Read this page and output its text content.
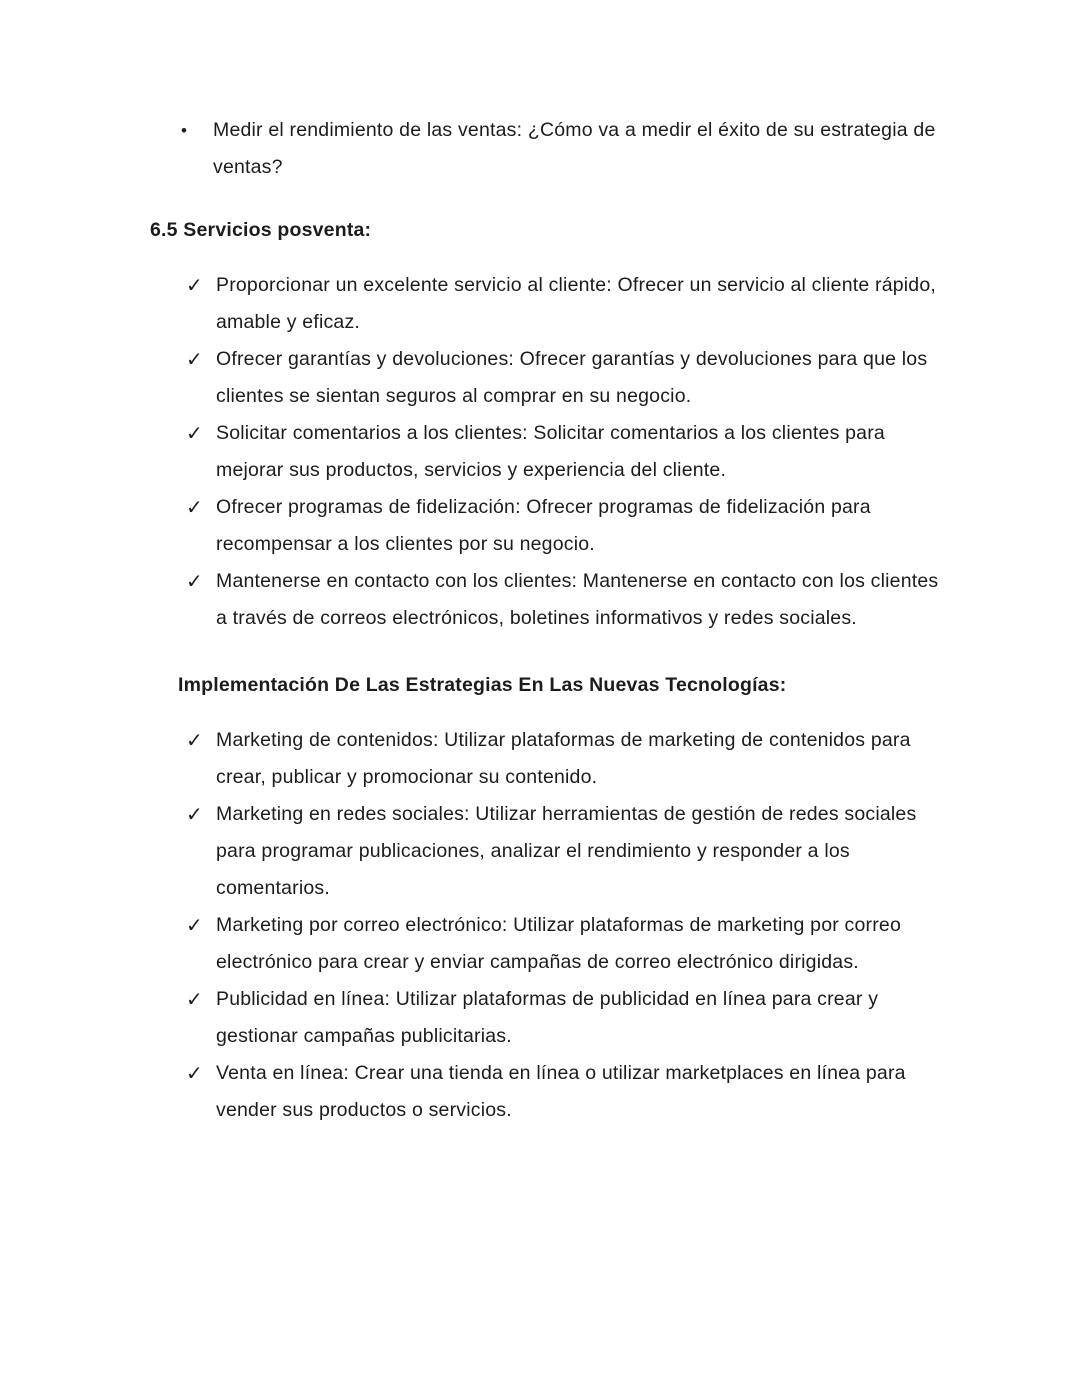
•	Medir el rendimiento de las ventas: ¿Cómo va a medir el éxito de su estrategia de ventas?
6.5 Servicios posventa:
✓ Proporcionar un excelente servicio al cliente: Ofrecer un servicio al cliente rápido, amable y eficaz.
✓ Ofrecer garantías y devoluciones: Ofrecer garantías y devoluciones para que los clientes se sientan seguros al comprar en su negocio.
✓ Solicitar comentarios a los clientes: Solicitar comentarios a los clientes para mejorar sus productos, servicios y experiencia del cliente.
✓ Ofrecer programas de fidelización: Ofrecer programas de fidelización para recompensar a los clientes por su negocio.
✓ Mantenerse en contacto con los clientes: Mantenerse en contacto con los clientes a través de correos electrónicos, boletines informativos y redes sociales.
Implementación De Las Estrategias En Las Nuevas Tecnologías:
✓ Marketing de contenidos: Utilizar plataformas de marketing de contenidos para crear, publicar y promocionar su contenido.
✓ Marketing en redes sociales: Utilizar herramientas de gestión de redes sociales para programar publicaciones, analizar el rendimiento y responder a los comentarios.
✓ Marketing por correo electrónico: Utilizar plataformas de marketing por correo electrónico para crear y enviar campañas de correo electrónico dirigidas.
✓ Publicidad en línea: Utilizar plataformas de publicidad en línea para crear y gestionar campañas publicitarias.
✓ Venta en línea: Crear una tienda en línea o utilizar marketplaces en línea para vender sus productos o servicios.
